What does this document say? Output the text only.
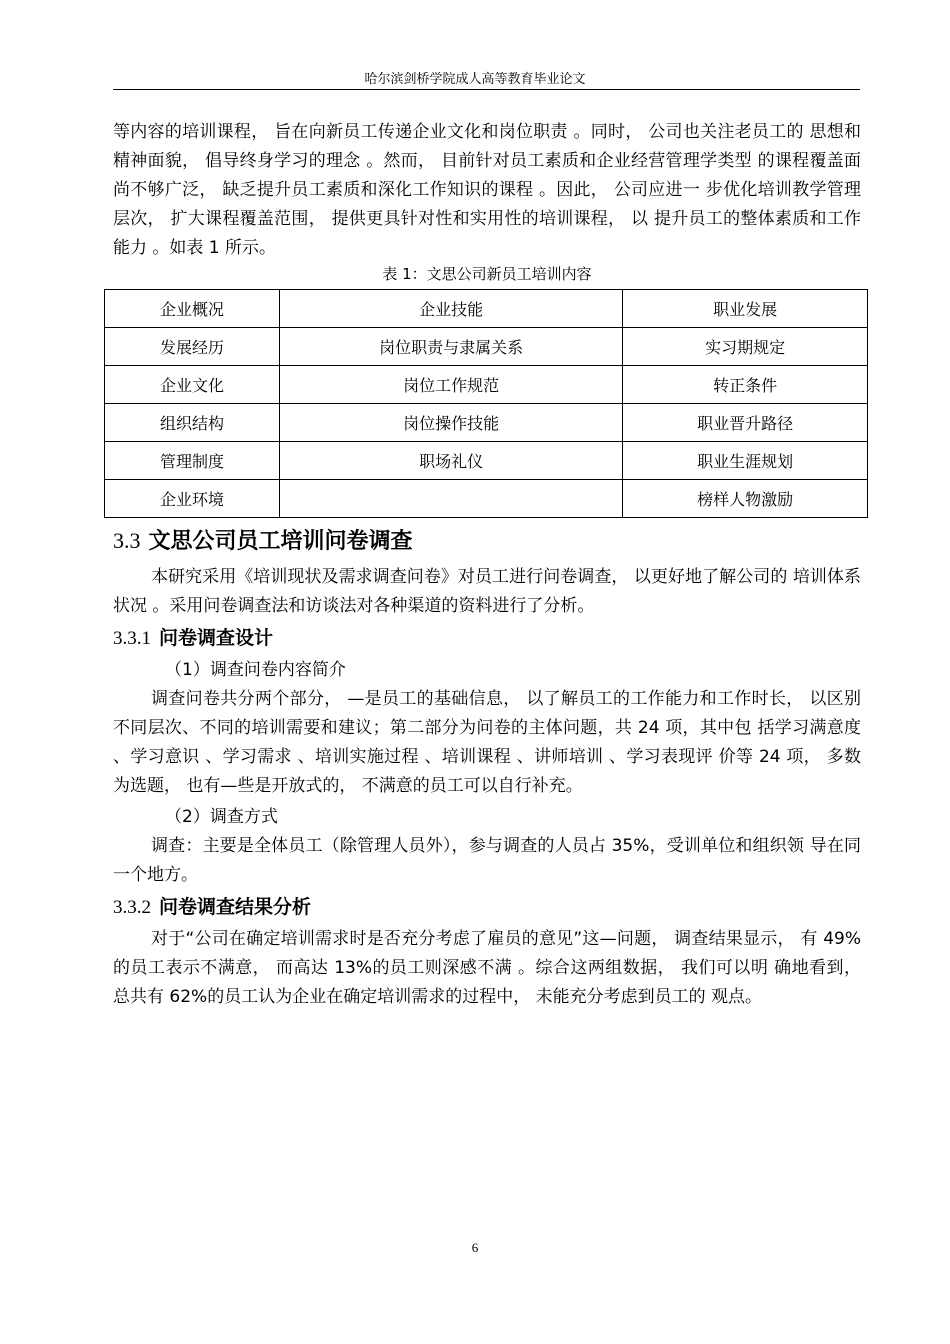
哈尔滨剑桥学院成人高等教育毕业论文

等内容的培训课程， 旨在向新员工传递企业文化和岗位职责 。同时， 公司也关注老员工的 思想和精神面貌， 倡导终身学习的理念 。然而， 目前针对员工素质和企业经营管理学类型 的课程覆盖面尚不够广泛， 缺乏提升员工素质和深化工作知识的课程 。因此， 公司应进一 步优化培训教学管理层次， 扩大课程覆盖范围， 提供更具针对性和实用性的培训课程， 以 提升员工的整体素质和工作能力 。如表 1 所示。

表 1：文思公司新员工培训内容

企业概况	企业技能	职业发展
发展经历	岗位职责与隶属关系	实习期规定
企业文化	岗位工作规范	转正条件
组织结构	岗位操作技能	职业晋升路径
管理制度	职场礼仪	职业生涯规划
企业环境		榜样人物激励
3.3 文思公司员工培训问卷调查

本研究采用《培训现状及需求调查问卷》对员工进行问卷调查， 以更好地了解公司的 培训体系状况 。采用问卷调查法和访谈法对各种渠道的资料进行了分析。

3.3.1 问卷调查设计

（1）调查问卷内容简介

调查问卷共分两个部分， —是员工的基础信息， 以了解员工的工作能力和工作时长， 以区别不同层次、不同的培训需要和建议；第二部分为问卷的主体问题，共 24 项，其中包 括学习满意度 、学习意识 、学习需求 、培训实施过程 、培训课程 、讲师培训 、学习表现评 价等 24 项， 多数为选题， 也有—些是开放式的， 不满意的员工可以自行补充。

（2）调查方式

调查：主要是全体员工（除管理人员外），参与调查的人员占 35%，受训单位和组织领 导在同一个地方。

3.3.2 问卷调查结果分析

对于“公司在确定培训需求时是否充分考虑了雇员的意见”这—问题， 调查结果显示， 有 49%的员工表示不满意， 而高达 13%的员工则深感不满 。综合这两组数据， 我们可以明 确地看到， 总共有 62%的员工认为企业在确定培训需求的过程中， 未能充分考虑到员工的 观点。

6
